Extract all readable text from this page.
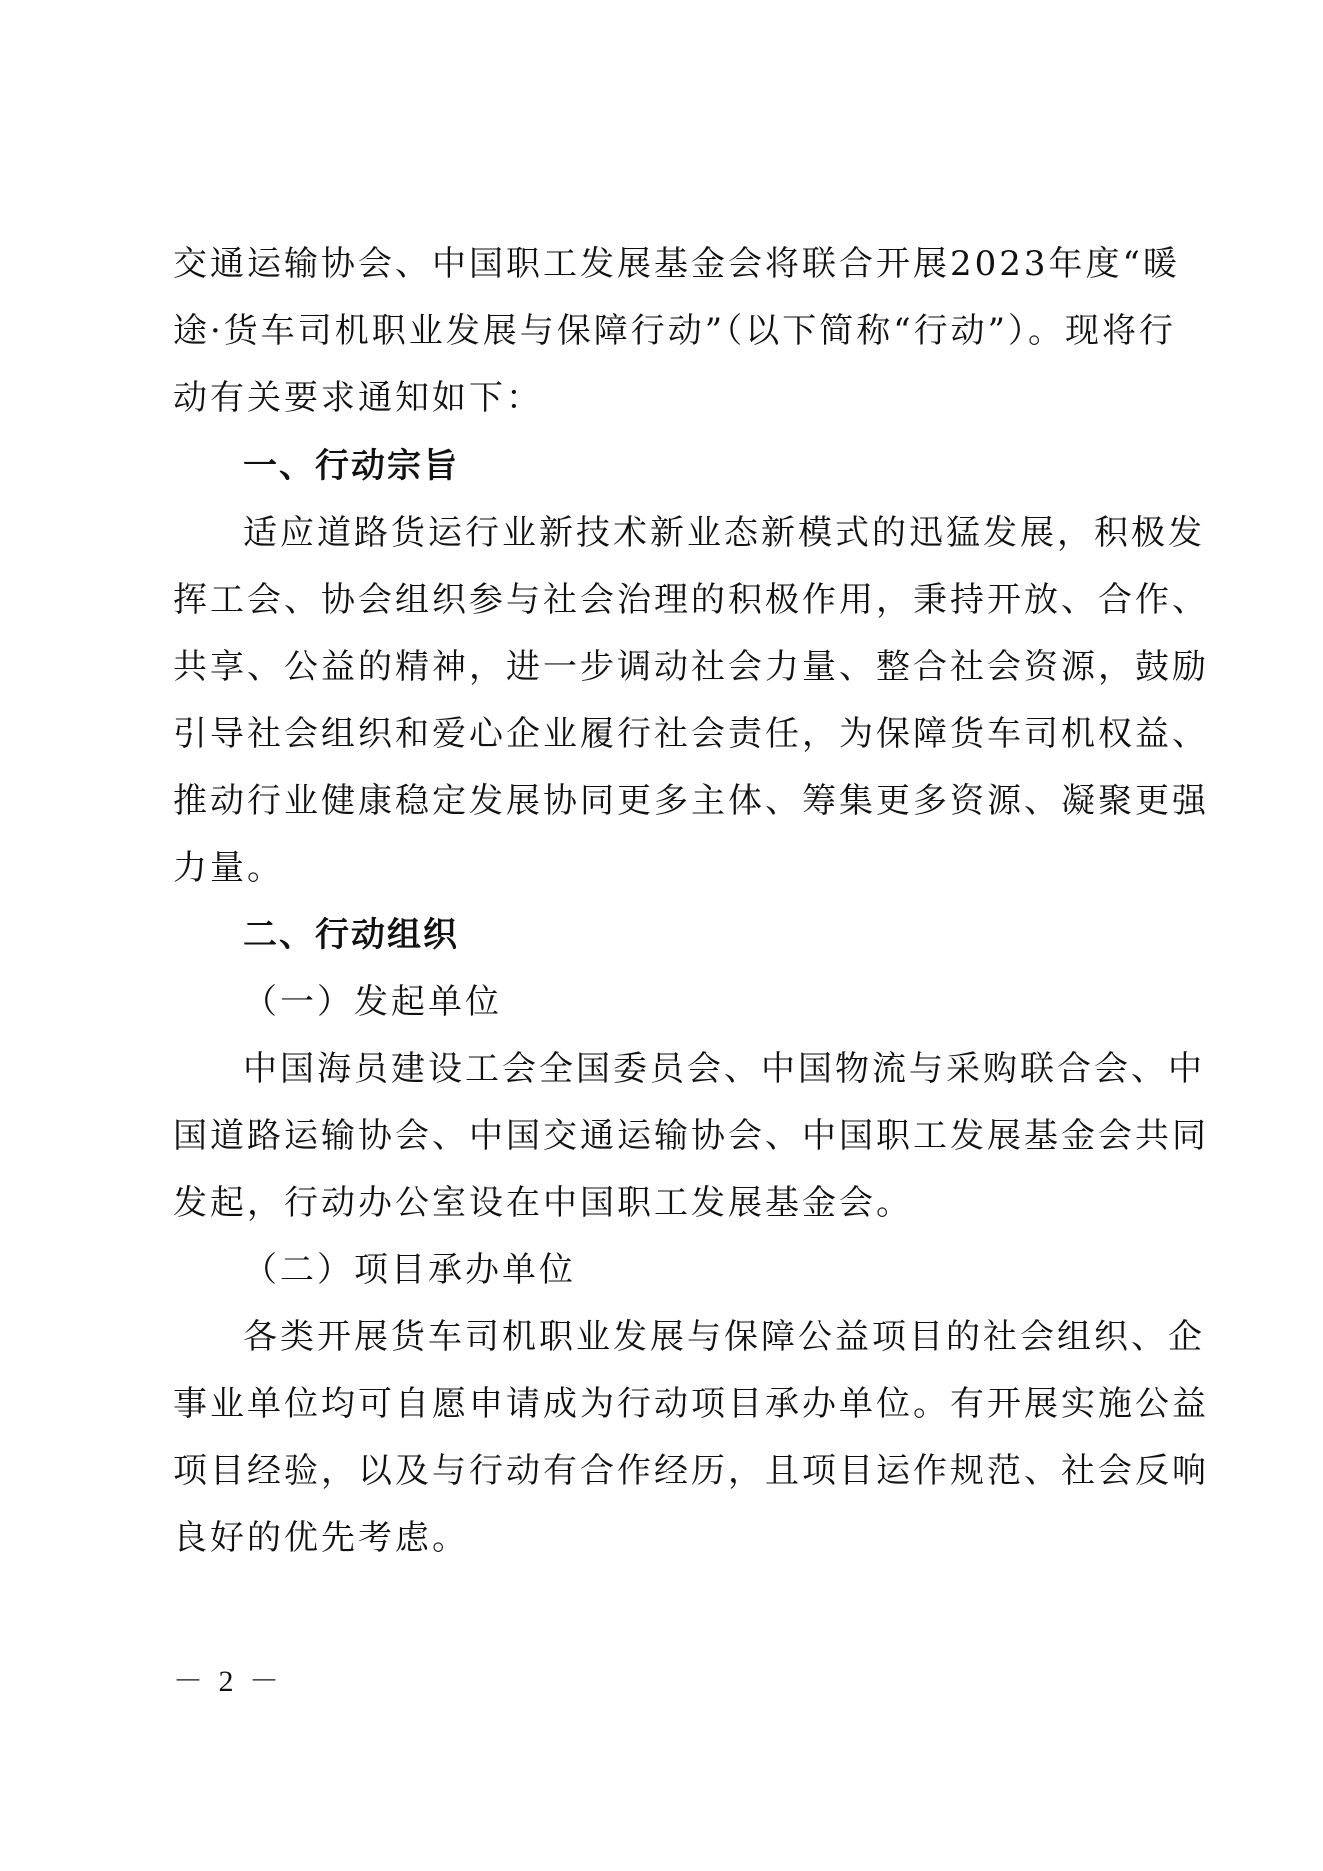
交通运输协会、中国职工发展基金会将联合开展2023年度“暖
途·货车司机职业发展与保障行动”（以下简称“行动”）。现将行
动有关要求通知如下：
一、行动宗旨
适应道路货运行业新技术新业态新模式的迅猛发展，积极发
挥工会、协会组织参与社会治理的积极作用，秉持开放、合作、
共享、公益的精神，进一步调动社会力量、整合社会资源，鼓励
引导社会组织和爱心企业履行社会责任，为保障货车司机权益、
推动行业健康稳定发展协同更多主体、筹集更多资源、凝聚更强
力量。
二、行动组织
（一）发起单位
中国海员建设工会全国委员会、中国物流与采购联合会、中
国道路运输协会、中国交通运输协会、中国职工发展基金会共同
发起，行动办公室设在中国职工发展基金会。
（二）项目承办单位
各类开展货车司机职业发展与保障公益项目的社会组织、企
事业单位均可自愿申请成为行动项目承办单位。有开展实施公益
项目经验，以及与行动有合作经历，且项目运作规范、社会反响
良好的优先考虑。
－ 2 －
